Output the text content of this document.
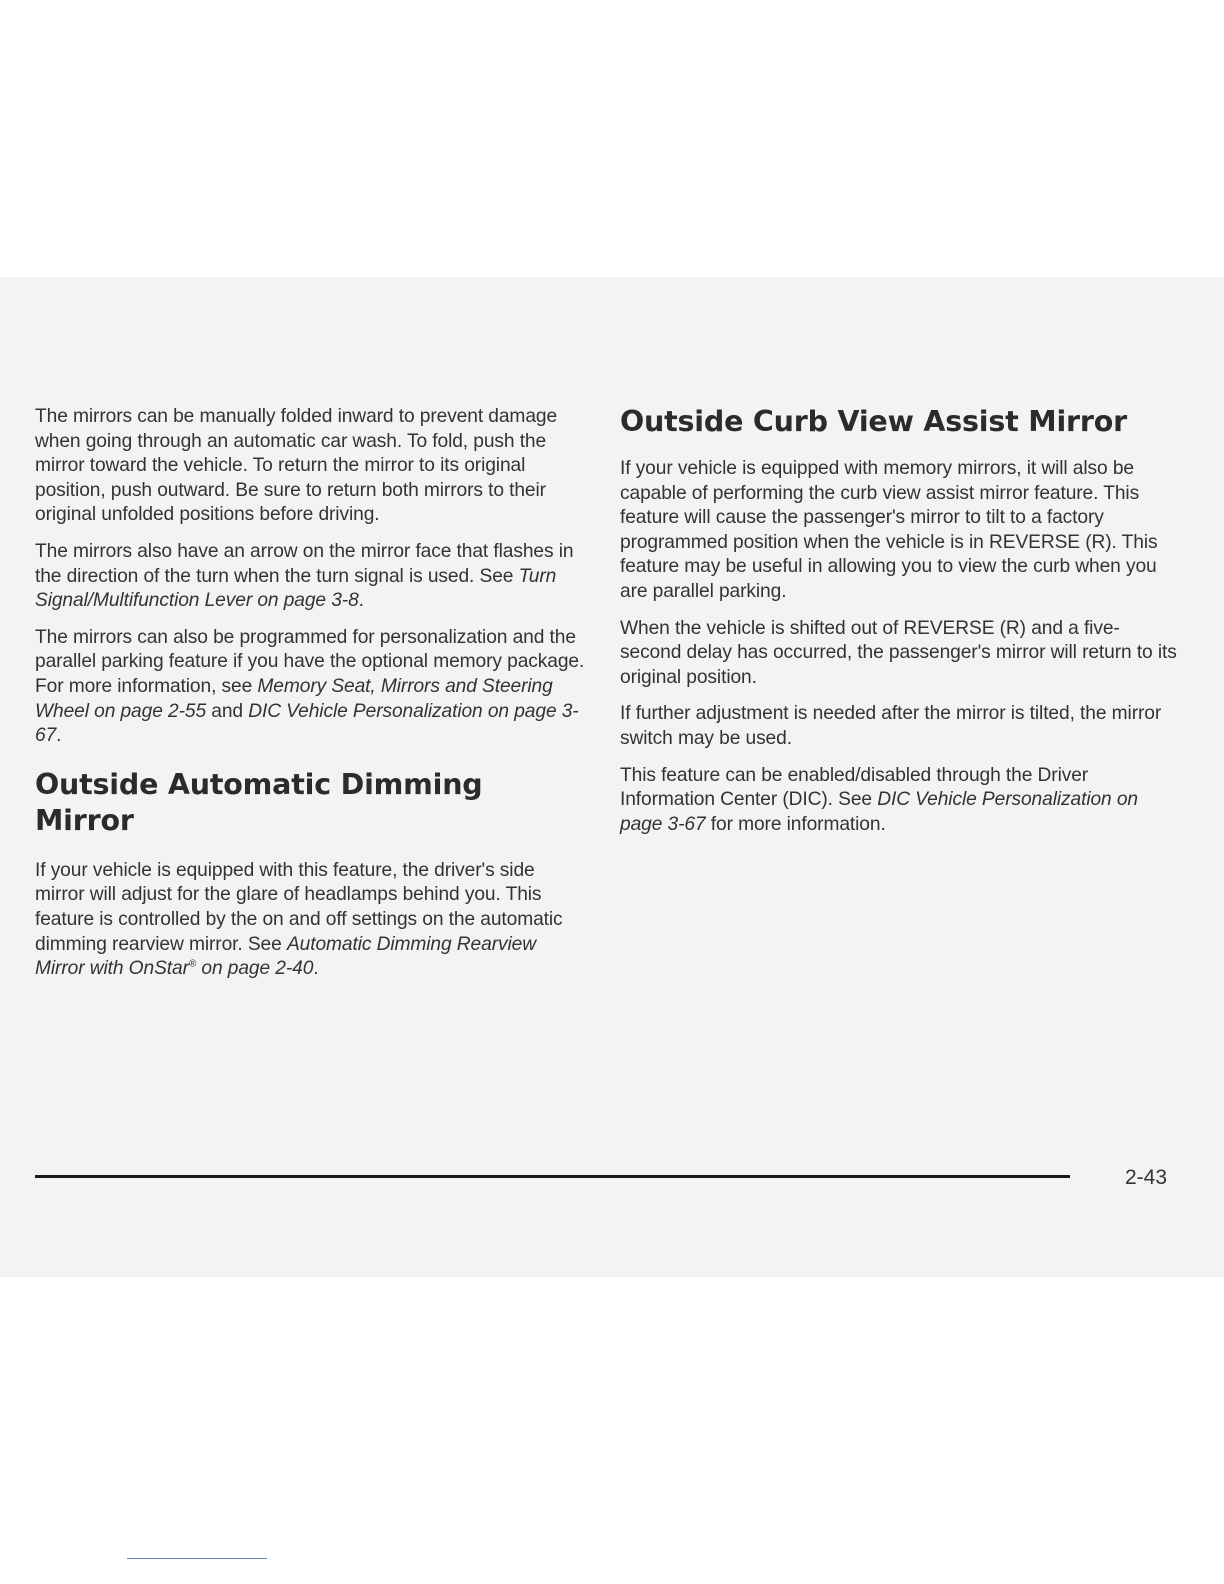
The mirrors can be manually folded inward to prevent damage when going through an automatic car wash. To fold, push the mirror toward the vehicle. To return the mirror to its original position, push outward. Be sure to return both mirrors to their original unfolded positions before driving.

The mirrors also have an arrow on the mirror face that flashes in the direction of the turn when the turn signal is used. See Turn Signal/Multifunction Lever on page 3-8.

The mirrors can also be programmed for personalization and the parallel parking feature if you have the optional memory package. For more information, see Memory Seat, Mirrors and Steering Wheel on page 2-55 and DIC Vehicle Personalization on page 3-67.

Outside Automatic Dimming Mirror

If your vehicle is equipped with this feature, the driver's side mirror will adjust for the glare of headlamps behind you. This feature is controlled by the on and off settings on the automatic dimming rearview mirror. See Automatic Dimming Rearview Mirror with OnStar® on page 2-40.

Outside Curb View Assist Mirror

If your vehicle is equipped with memory mirrors, it will also be capable of performing the curb view assist mirror feature. This feature will cause the passenger's mirror to tilt to a factory programmed position when the vehicle is in REVERSE (R). This feature may be useful in allowing you to view the curb when you are parallel parking.

When the vehicle is shifted out of REVERSE (R) and a five-second delay has occurred, the passenger's mirror will return to its original position.

If further adjustment is needed after the mirror is tilted, the mirror switch may be used.

This feature can be enabled/disabled through the Driver Information Center (DIC). See DIC Vehicle Personalization on page 3-67 for more information.

2-43
